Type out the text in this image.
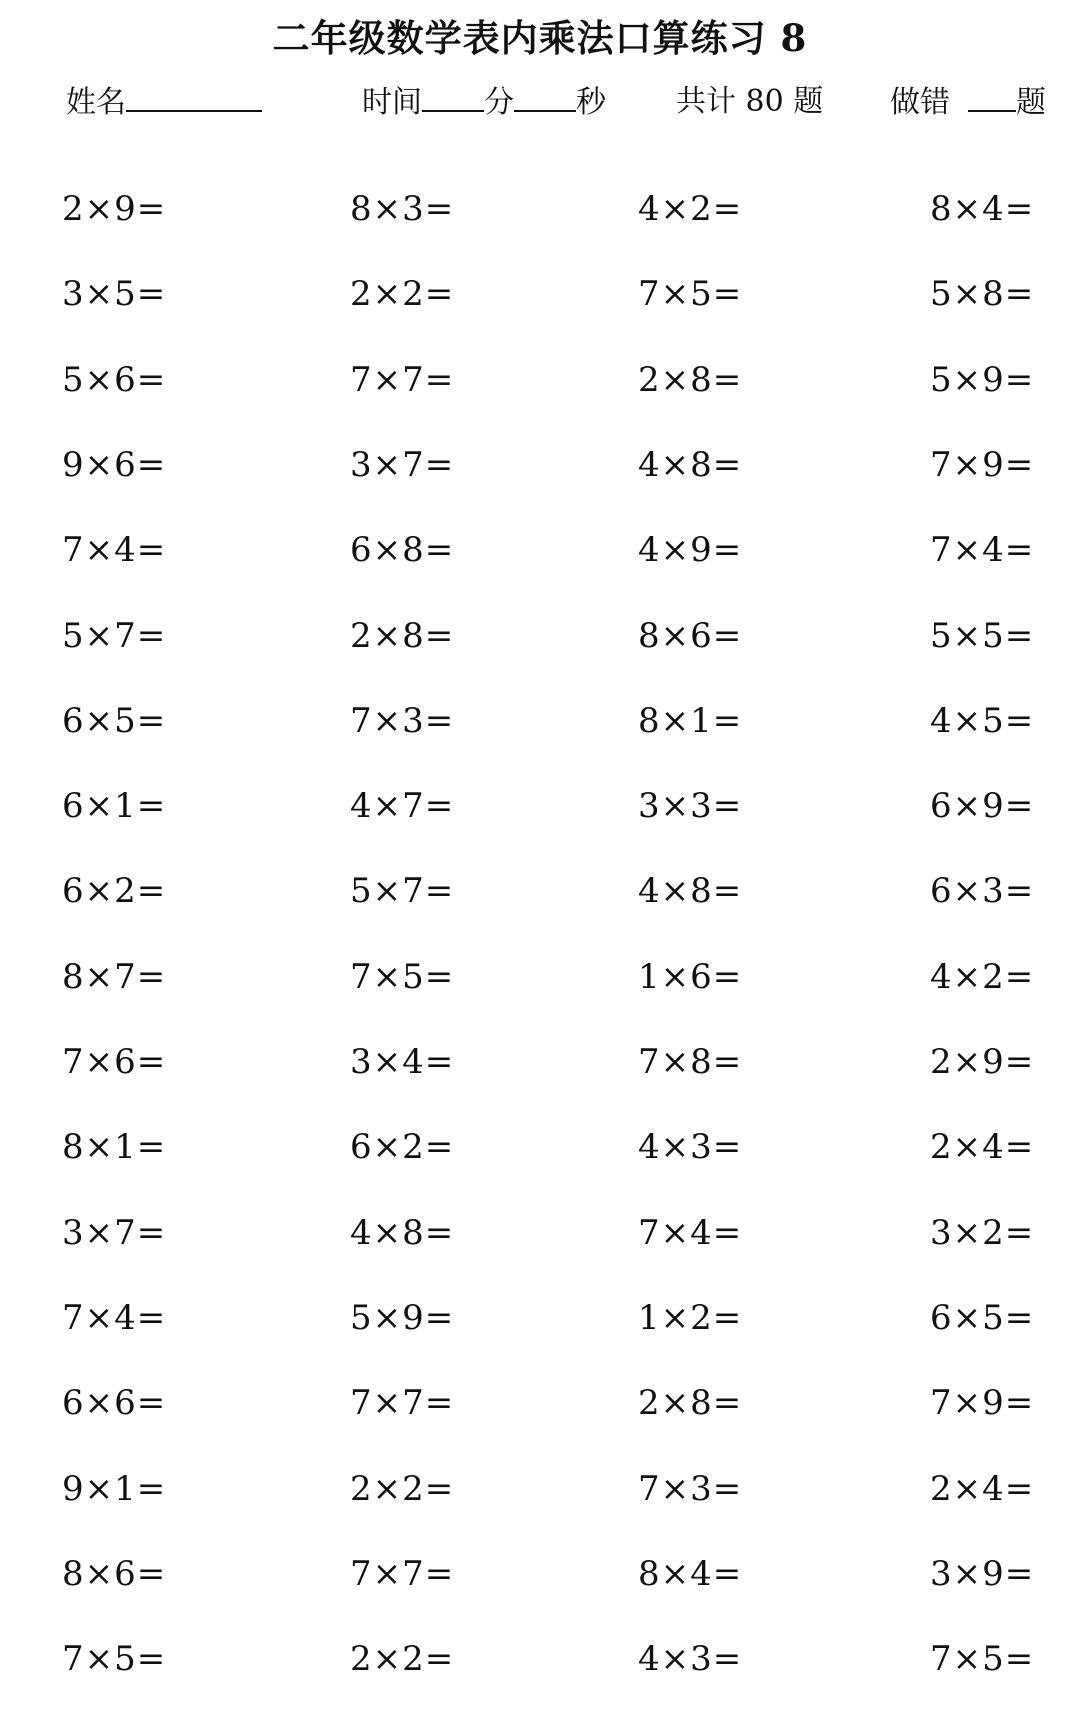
二年级数学表内乘法口算练习 8
姓名	时间 分 秒 共计 80 题 做错 题
2×9=	8×3=	4×2=	8×4=
3×5=	2×2=	7×5=	5×8=
5×6=	7×7=	2×8=	5×9=
9×6=	3×7=	4×8=	7×9=
7×4=	6×8=	4×9=	7×4=
5×7=	2×8=	8×6=	5×5=
6×5=	7×3=	8×1=	4×5=
6×1=	4×7=	3×3=	6×9=
6×2=	5×7=	4×8=	6×3=
8×7=	7×5=	1×6=	4×2=
7×6=	3×4=	7×8=	2×9=
8×1=	6×2=	4×3=	2×4=
3×7=	4×8=	7×4=	3×2=
7×4=	5×9=	1×2=	6×5=
6×6=	7×7=	2×8=	7×9=
9×1=	2×2=	7×3=	2×4=
8×6=	7×7=	8×4=	3×9=
7×5=	2×2=	4×3=	7×5=
